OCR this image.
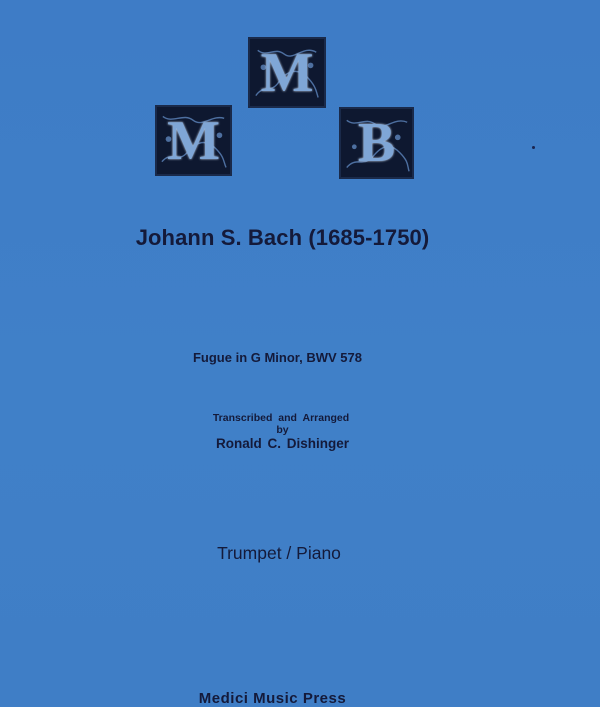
M
M	B
Johann S. Bach (1685-1750)
Fugue in G Minor, BWV 578
Transcribed and Arranged
by
Ronald C. Dishinger
Trumpet / Piano
Medici Music Press
